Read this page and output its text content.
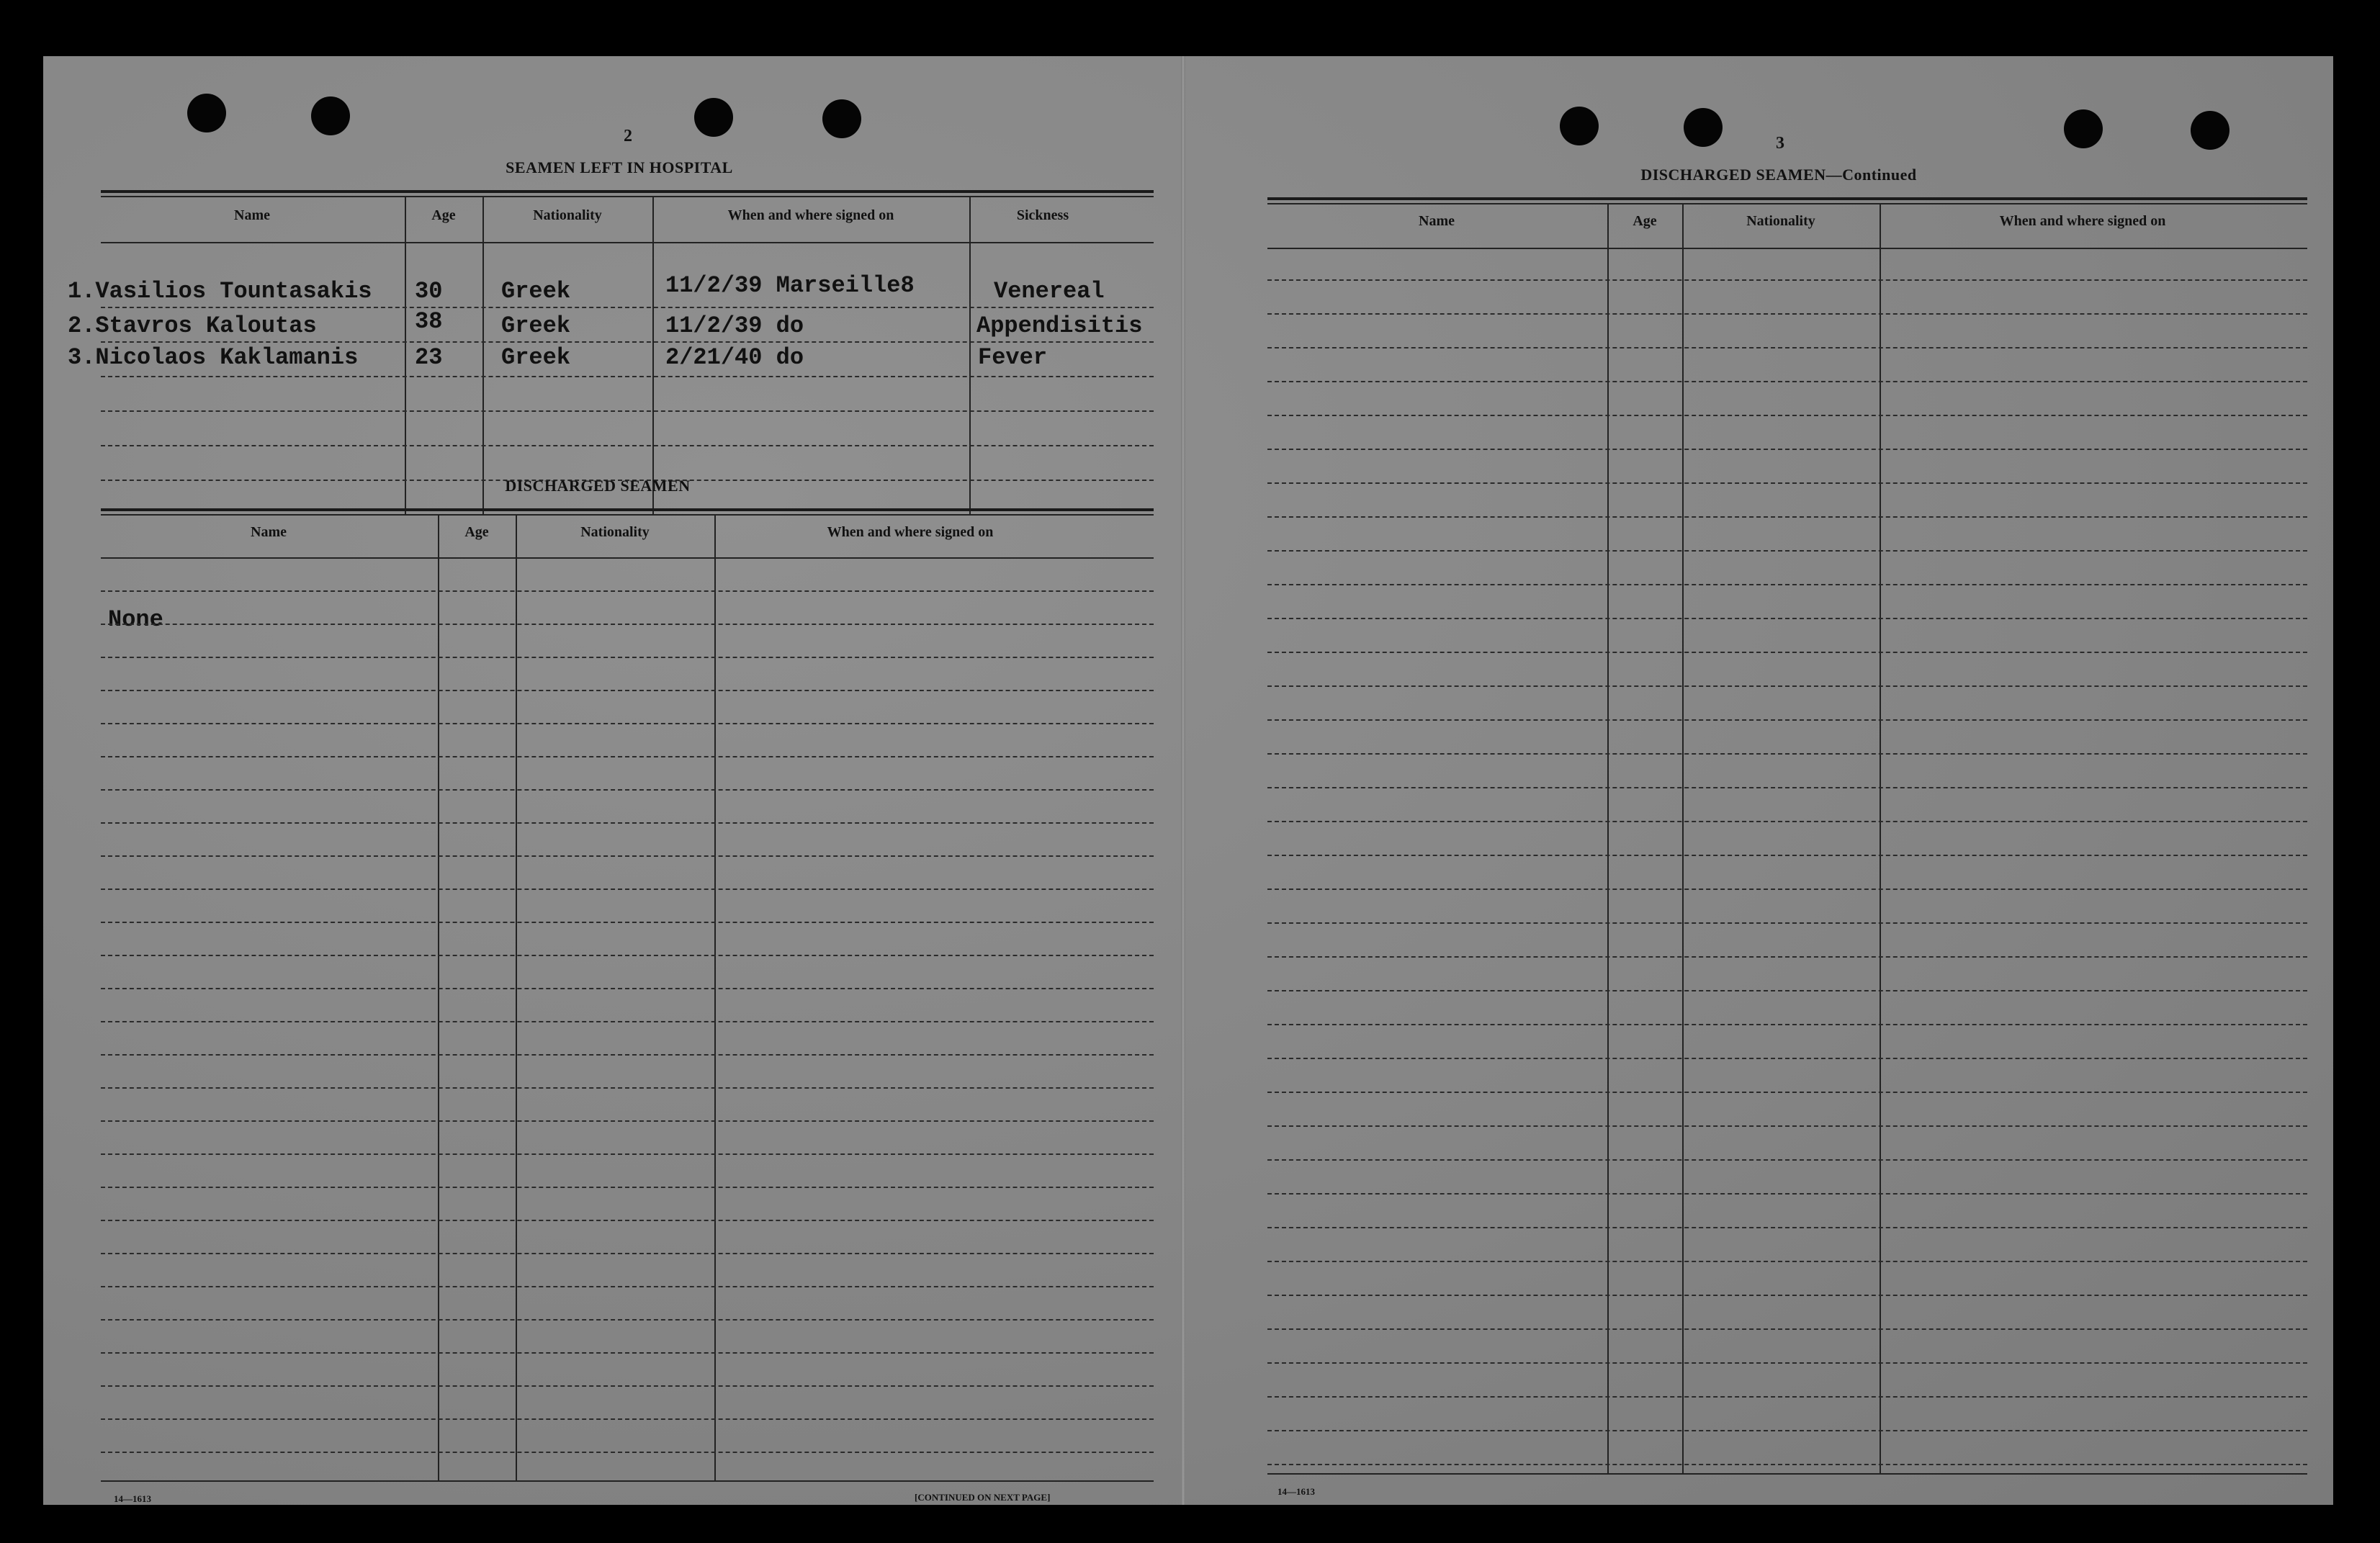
2
SEAMEN LEFT IN HOSPITAL
Name	Age	Nationality	When and where signed on	Sickness
1.Vasilios Tountasakis 30	Greek	11/2/39 Marseille8	Venereal
2.Stavros Kaloutas	38	Greek	11/2/39 do	Appendisitis
3.Nicolaos Kaklamanis 23	Greek	2/21/40 do	Fever
DISCHARGED SEAMEN
Name	Age	Nationality	When and where signed on
None
14—1613	[CONTINUED ON NEXT PAGE]
3
DISCHARGED SEAMEN—Continued
Name	Age	Nationality	When and where signed on
14—1613
